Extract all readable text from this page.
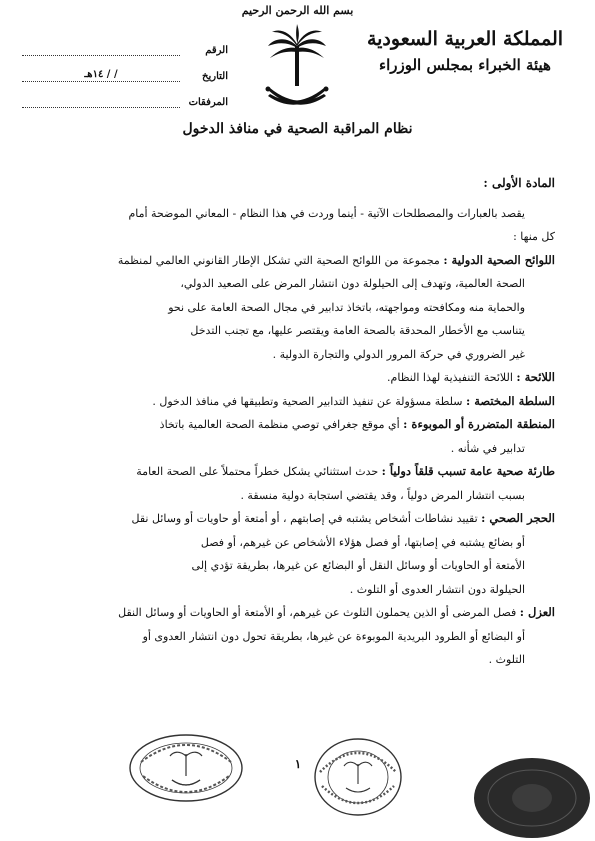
بسم الله الرحمن الرحيم
المملكة العربية السعودية
هيئة الخبراء بمجلس الوزراء
الرقم
التاريخ
/ / ١٤هـ
المرفقات
نظام المراقبة الصحية في منافذ الدخول

المادة الأولى :

يقصد بالعبارات والمصطلحات الآتية - أينما وردت في هذا النظام - المعاني الموضحة أمام

كل منها :

اللوائح الصحية الدولية : مجموعة من اللوائح الصحية التي تشكل الإطار القانوني العالمي لمنظمة

الصحة العالمية، وتهدف إلى الحيلولة دون انتشار المرض على الصعيد الدولي،

والحماية منه ومكافحته ومواجهته، باتخاذ تدابير في مجال الصحة العامة على نحو

يتناسب مع الأخطار المحدقة بالصحة العامة ويقتصر عليها، مع تجنب التدخل

غير الضروري في حركة المرور الدولي والتجارة الدولية .

اللائحة : اللائحة التنفيذية لهذا النظام.

السلطة المختصة : سلطة مسؤولة عن تنفيذ التدابير الصحية وتطبيقها في منافذ الدخول .

المنطقة المتضررة أو الموبوءة : أي موقع جغرافي توصي منظمة الصحة العالمية باتخاذ

تدابير في شأنه .

طارئة صحية عامة تسبب قلقاً دولياً : حدث استثنائي يشكل خطراً محتملاً على الصحة العامة

بسبب انتشار المرض دولياً ، وقد يقتضي استجابة دولية منسقة .

الحجر الصحي : تقييد نشاطات أشخاص يشتبه في إصابتهم ، أو أمتعة أو حاويات أو وسائل نقل

أو بضائع يشتبه في إصابتها، أو فصل هؤلاء الأشخاص عن غيرهم، أو فصل

الأمتعة أو الحاويات أو وسائل النقل أو البضائع عن غيرها، بطريقة تؤدي إلى

الحيلولة دون انتشار العدوى أو التلوث .

العزل : فصل المرضى أو الذين يحملون التلوث عن غيرهم، أو الأمتعة أو الحاويات أو وسائل النقل

أو البضائع أو الطرود البريدية الموبوءة عن غيرها، بطريقة تحول دون انتشار العدوى أو

التلوث .

١
